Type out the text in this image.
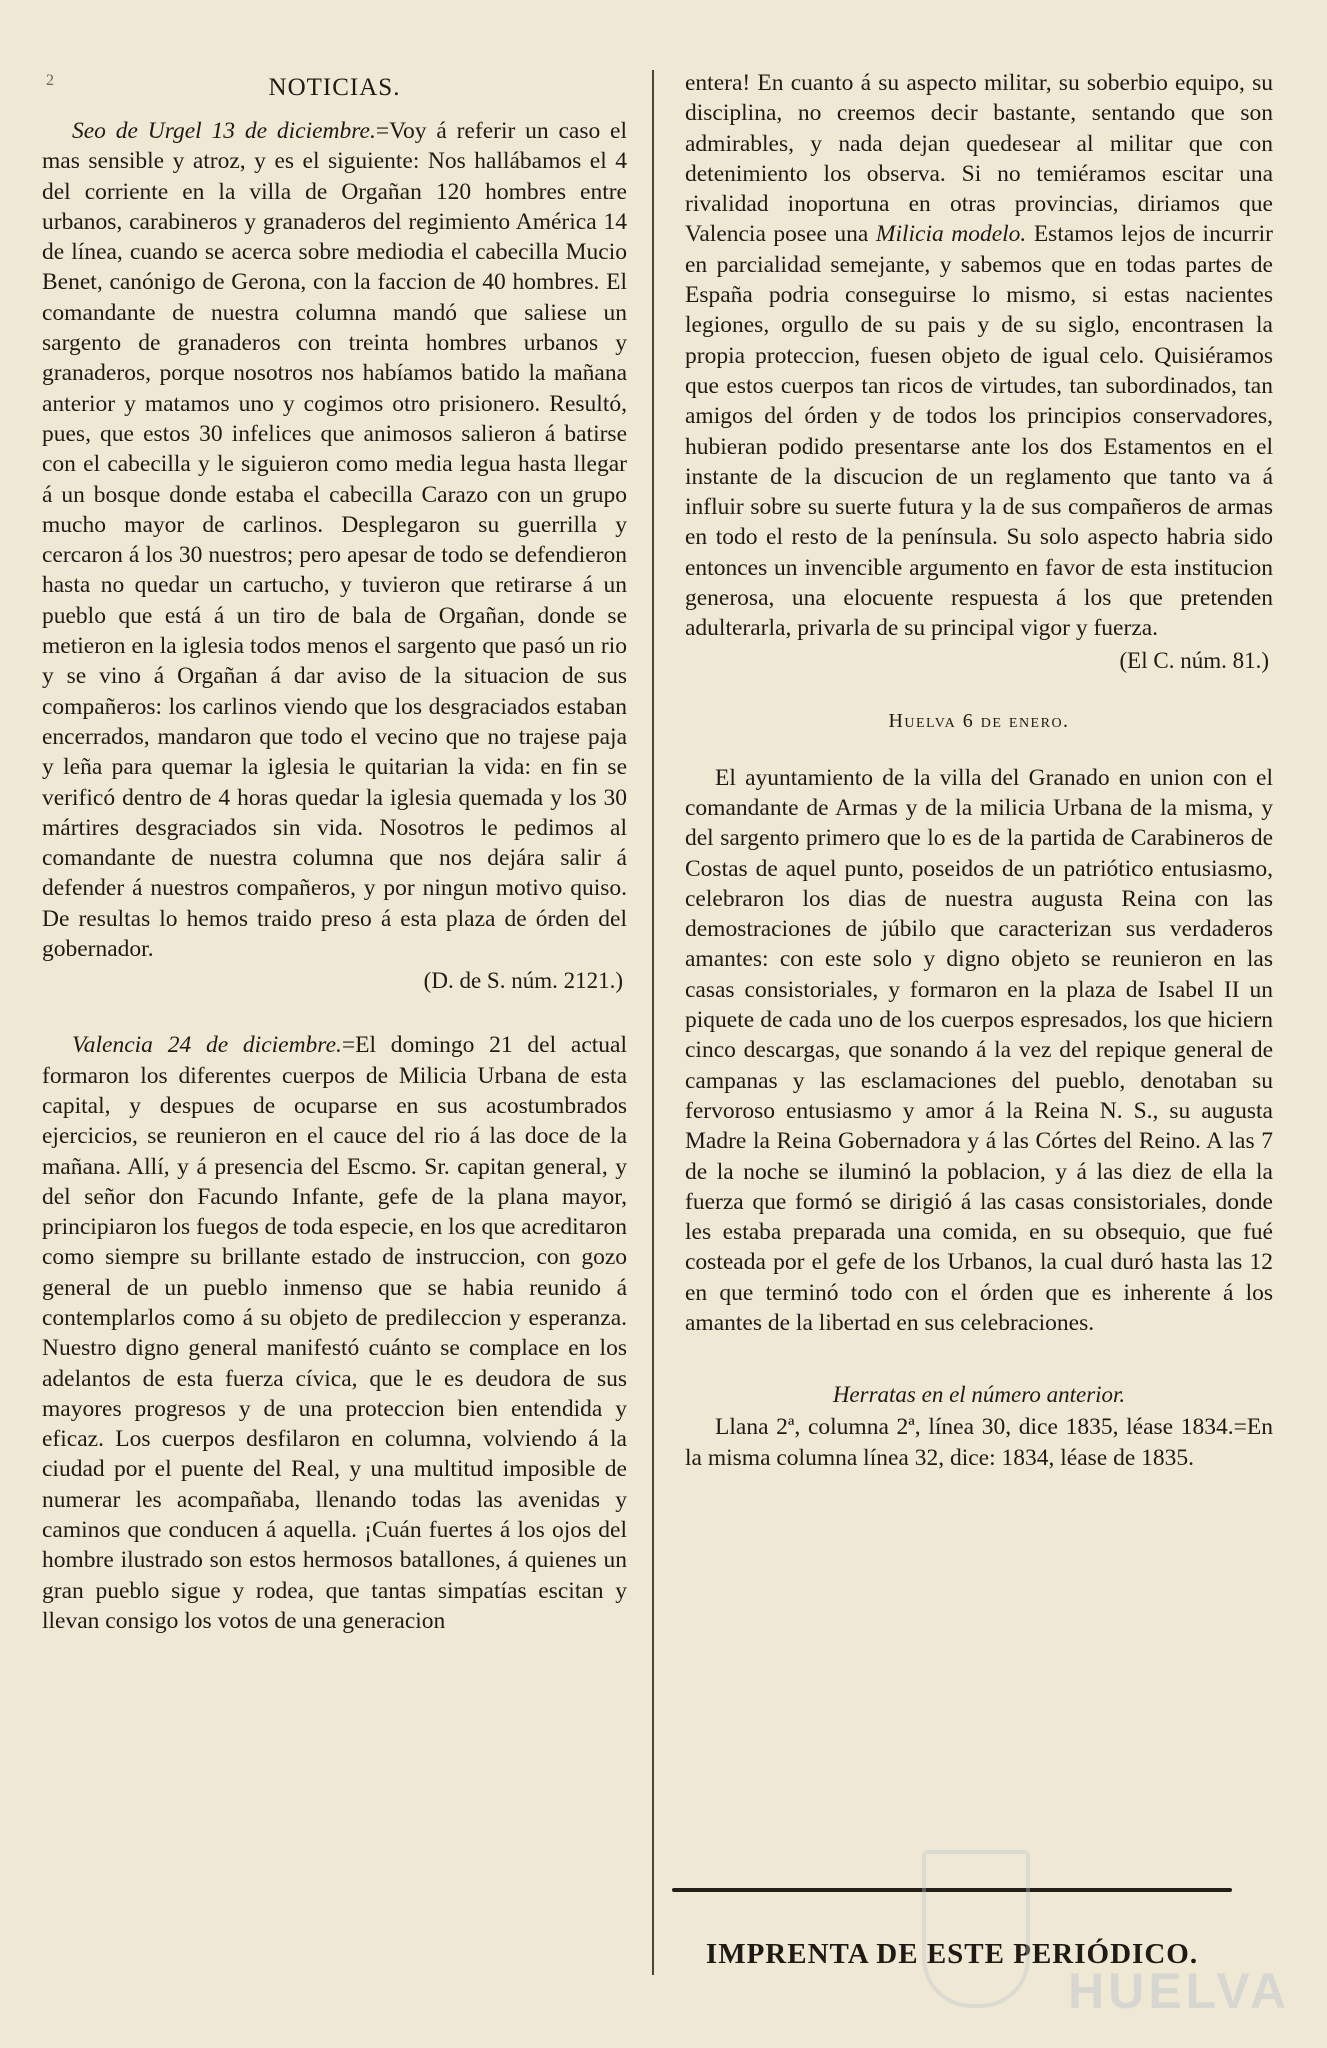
2	NOTICIAS.

Seo de Urgel 13 de diciembre.=Voy á referir un caso el mas sensible y atroz, y es el siguiente: Nos hallábamos el 4 del corriente en la villa de Orgañan 120 hombres entre urbanos, carabineros y granaderos del regimiento América 14 de línea, cuando se acerca sobre mediodia el cabecilla Mucio Benet, canónigo de Gerona, con la faccion de 40 hombres. El comandante de nuestra columna mandó que saliese un sargento de granaderos con treinta hombres urbanos y granaderos, porque nosotros nos habíamos batido la mañana anterior y matamos uno y cogimos otro prisionero. Resultó, pues, que estos 30 infelices que animosos salieron á batirse con el cabecilla y le siguieron como media legua hasta llegar á un bosque donde estaba el cabecilla Carazo con un grupo mucho mayor de carlinos. Desplegaron su guerrilla y cercaron á los 30 nuestros; pero apesar de todo se defendieron hasta no quedar un cartucho, y tuvieron que retirarse á un pueblo que está á un tiro de bala de Orgañan, donde se metieron en la iglesia todos menos el sargento que pasó un rio y se vino á Orgañan á dar aviso de la situacion de sus compañeros: los carlinos viendo que los desgraciados estaban encerrados, mandaron que todo el vecino que no trajese paja y leña para quemar la iglesia le quitarian la vida: en fin se verificó dentro de 4 horas quedar la iglesia quemada y los 30 mártires desgraciados sin vida. Nosotros le pedimos al comandante de nuestra columna que nos dejára salir á defender á nuestros compañeros, y por ningun motivo quiso. De resultas lo hemos traido preso á esta plaza de órden del gobernador.

(D. de S. núm. 2121.)

Valencia 24 de diciembre.=El domingo 21 del actual formaron los diferentes cuerpos de Milicia Urbana de esta capital, y despues de ocuparse en sus acostumbrados ejercicios, se reunieron en el cauce del rio á las doce de la mañana. Allí, y á presencia del Escmo. Sr. capitan general, y del señor don Facundo Infante, gefe de la plana mayor, principiaron los fuegos de toda especie, en los que acreditaron como siempre su brillante estado de instruccion, con gozo general de un pueblo inmenso que se habia reunido á contemplarlos como á su objeto de predileccion y esperanza. Nuestro digno general manifestó cuánto se complace en los adelantos de esta fuerza cívica, que le es deudora de sus mayores progresos y de una proteccion bien entendida y eficaz. Los cuerpos desfilaron en columna, volviendo á la ciudad por el puente del Real, y una multitud imposible de numerar les acompañaba, llenando todas las avenidas y caminos que conducen á aquella. ¡Cuán fuertes á los ojos del hombre ilustrado son estos hermosos batallones, á quienes un gran pueblo sigue y rodea, que tantas simpatías escitan y llevan consigo los votos de una generacion

entera! En cuanto á su aspecto militar, su soberbio equipo, su disciplina, no creemos decir bastante, sentando que son admirables, y nada dejan quedesear al militar que con detenimiento los observa. Si no temiéramos escitar una rivalidad inoportuna en otras provincias, diriamos que Valencia posee una Milicia modelo. Estamos lejos de incurrir en parcialidad semejante, y sabemos que en todas partes de España podria conseguirse lo mismo, si estas nacientes legiones, orgullo de su pais y de su siglo, encontrasen la propia proteccion, fuesen objeto de igual celo. Quisiéramos que estos cuerpos tan ricos de virtudes, tan subordinados, tan amigos del órden y de todos los principios conservadores, hubieran podido presentarse ante los dos Estamentos en el instante de la discucion de un reglamento que tanto va á influir sobre su suerte futura y la de sus compañeros de armas en todo el resto de la península. Su solo aspecto habria sido entonces un invencible argumento en favor de esta institucion generosa, una elocuente respuesta á los que pretenden adulterarla, privarla de su principal vigor y fuerza.

(El C. núm. 81.)
Huelva 6 de enero.

El ayuntamiento de la villa del Granado en union con el comandante de Armas y de la milicia Urbana de la misma, y del sargento primero que lo es de la partida de Carabineros de Costas de aquel punto, poseidos de un patriótico entusiasmo, celebraron los dias de nuestra augusta Reina con las demostraciones de júbilo que caracterizan sus verdaderos amantes: con este solo y digno objeto se reunieron en las casas consistoriales, y formaron en la plaza de Isabel II un piquete de cada uno de los cuerpos espresados, los que hiciern cinco descargas, que sonando á la vez del repique general de campanas y las esclamaciones del pueblo, denotaban su fervoroso entusiasmo y amor á la Reina N. S., su augusta Madre la Reina Gobernadora y á las Córtes del Reino. A las 7 de la noche se iluminó la poblacion, y á las diez de ella la fuerza que formó se dirigió á las casas consistoriales, donde les estaba preparada una comida, en su obsequio, que fué costeada por el gefe de los Urbanos, la cual duró hasta las 12 en que terminó todo con el órden que es inherente á los amantes de la libertad en sus celebraciones.

Herratas en el número anterior.

Llana 2ª, columna 2ª, línea 30, dice 1835, léase 1834.=En la misma columna línea 32, dice: 1834, léase de 1835.

IMPRENTA DE ESTE PERIÓDICO.
HUELVA
